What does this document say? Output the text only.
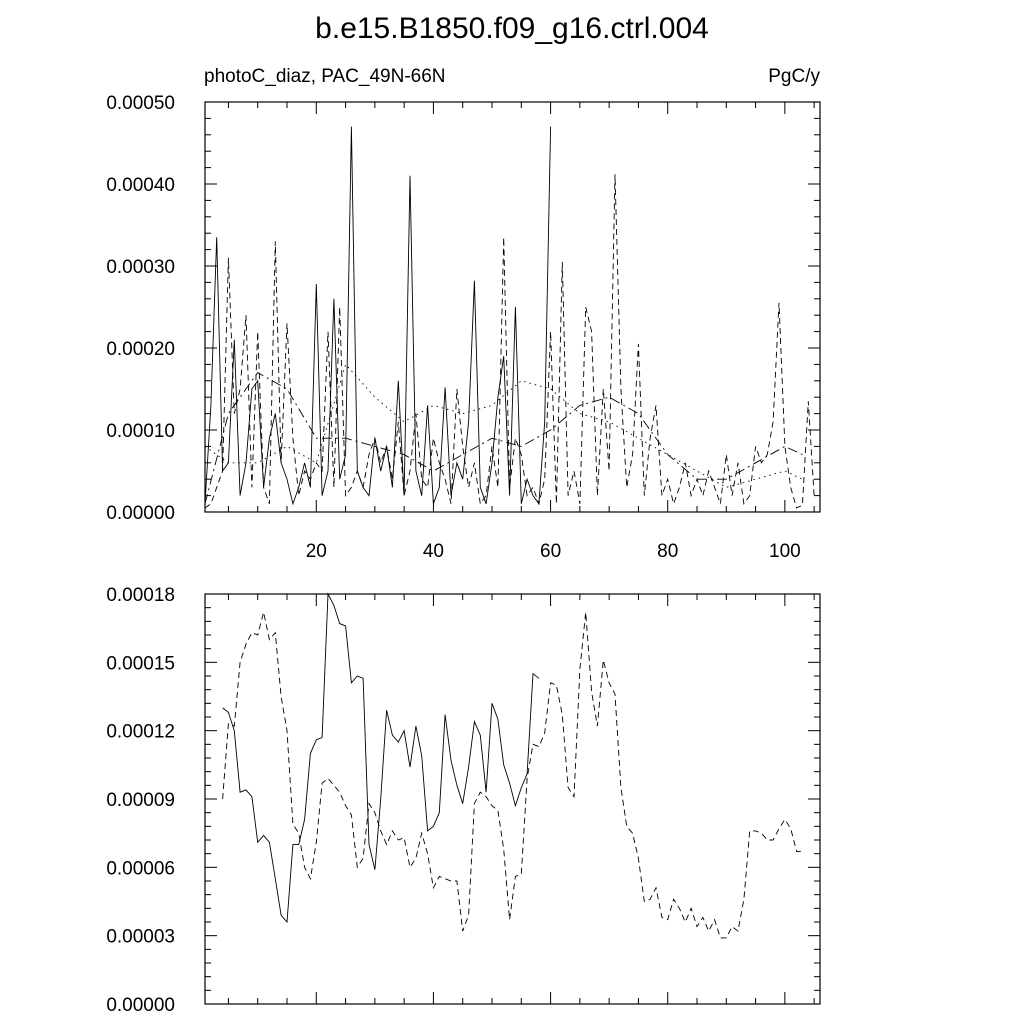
b.e15.B1850.f09_g16.ctrl.004
photoC_diaz, PAC_49N-66N	PgC/y
0.00000
0.00010
0.00020
0.00030
0.00040
0.00050
20	40	60	80	100
0.00000
0.00003
0.00006
0.00009
0.00012
0.00015
0.00018
